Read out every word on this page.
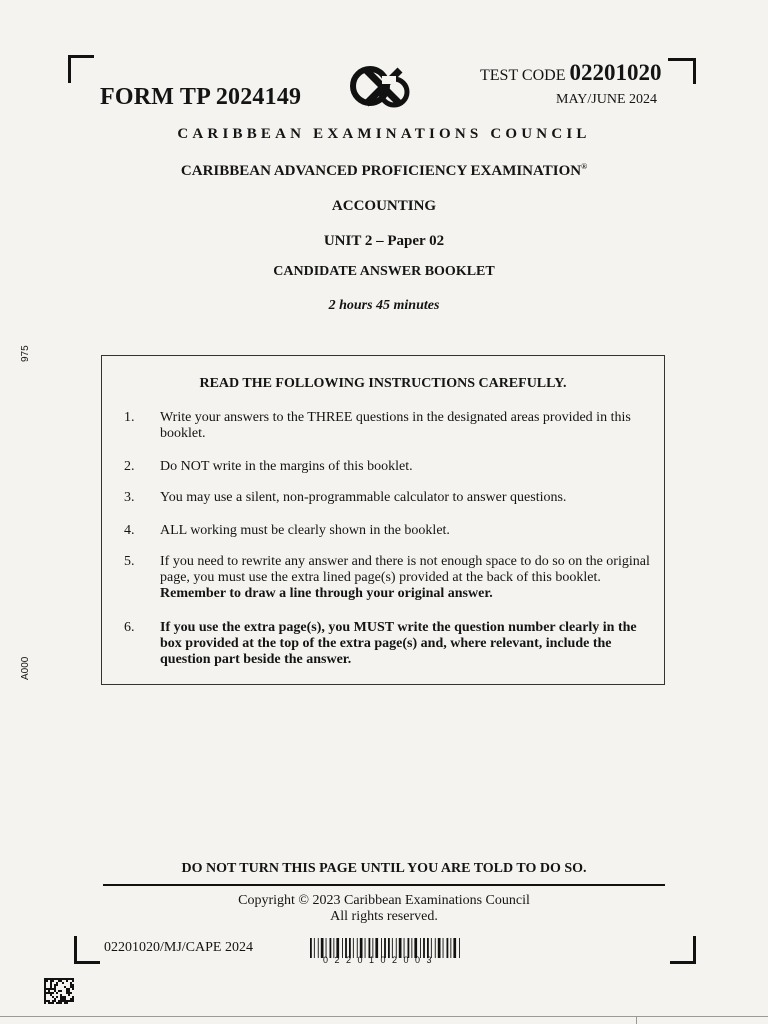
FORM TP 2024149
TEST CODE 02201020
MAY/JUNE 2024
CARIBBEAN EXAMINATIONS COUNCIL
CARIBBEAN ADVANCED PROFICIENCY EXAMINATION®
ACCOUNTING
UNIT 2 – Paper 02
CANDIDATE ANSWER BOOKLET
2 hours 45 minutes
975
A000
READ THE FOLLOWING INSTRUCTIONS CAREFULLY.
1. Write your answers to the THREE questions in the designated areas provided in this booklet.
2. Do NOT write in the margins of this booklet.
3. You may use a silent, non-programmable calculator to answer questions.
4. ALL working must be clearly shown in the booklet.
5. If you need to rewrite any answer and there is not enough space to do so on the original page, you must use the extra lined page(s) provided at the back of this booklet. Remember to draw a line through your original answer.
6. If you use the extra page(s), you MUST write the question number clearly in the box provided at the top of the extra page(s) and, where relevant, include the question part beside the answer.
DO NOT TURN THIS PAGE UNTIL YOU ARE TOLD TO DO SO.
Copyright © 2023 Caribbean Examinations Council
All rights reserved.
02201020/MJ/CAPE 2024
0220102003
